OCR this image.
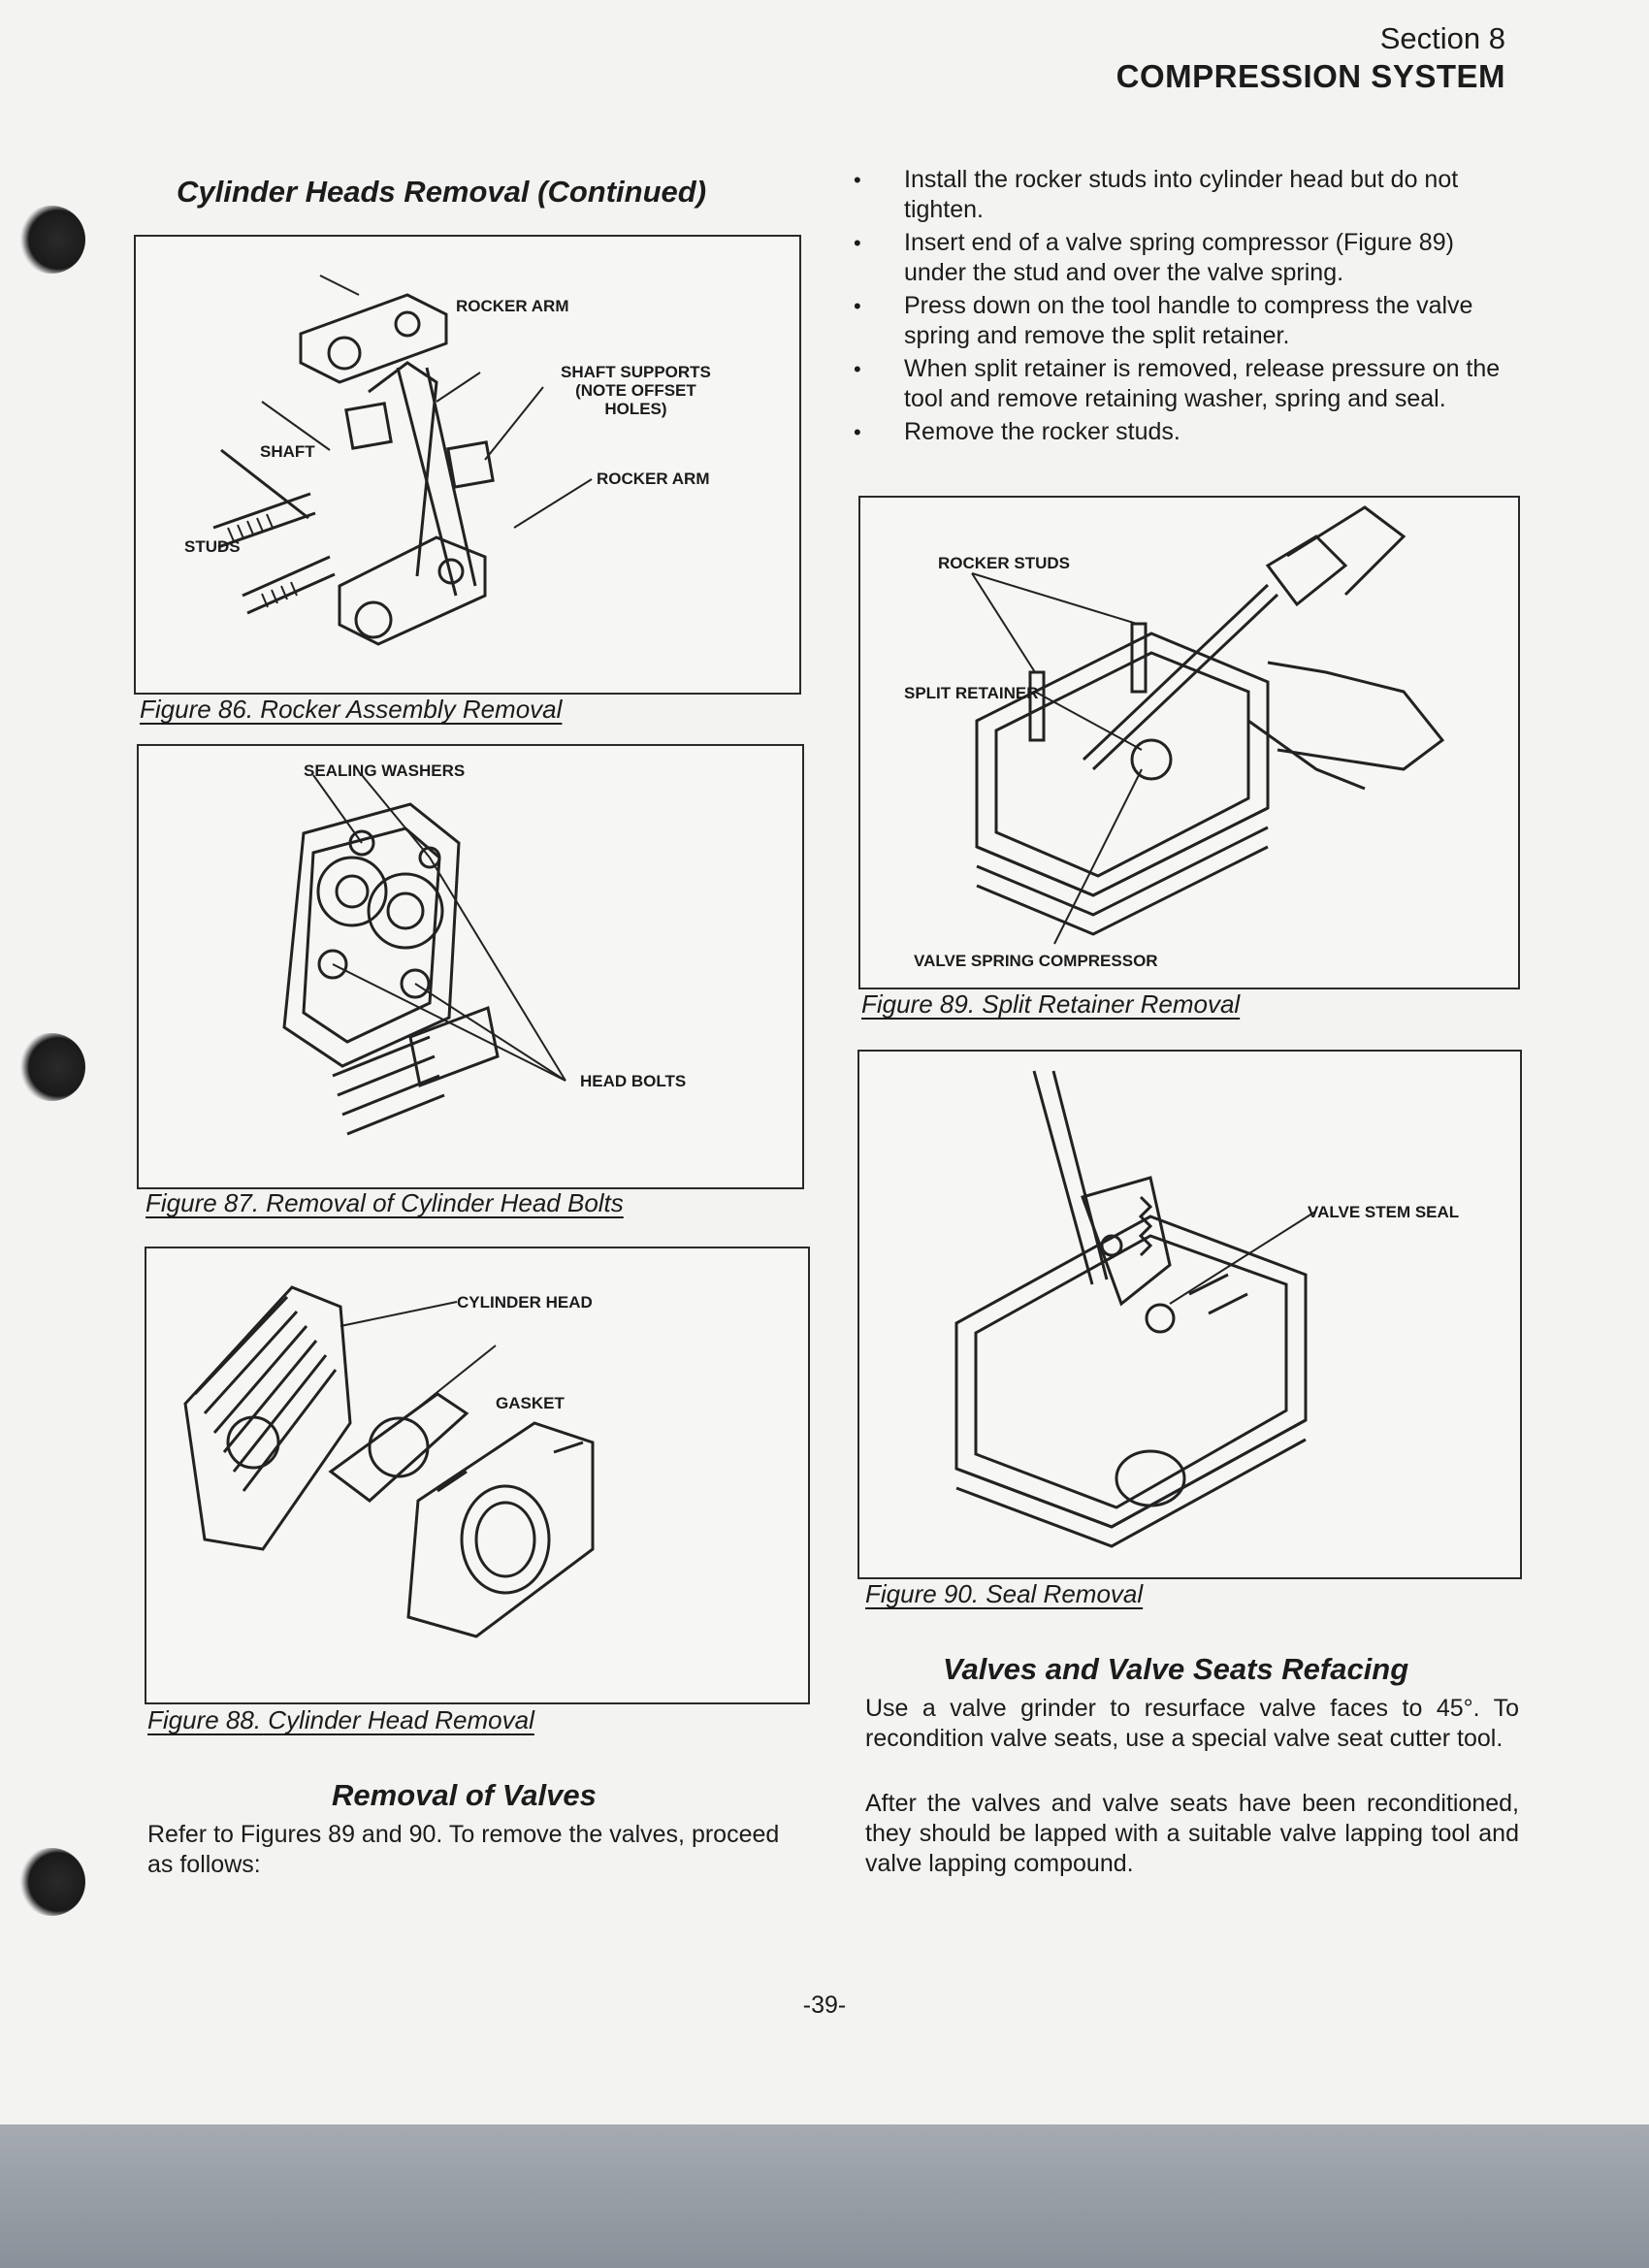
Section 8

COMPRESSION SYSTEM

Cylinder Heads Removal (Continued)

ROCKER ARM
SHAFT SUPPORTS
(NOTE OFFSET
HOLES)
SHAFT
ROCKER ARM
STUDS

Figure 86. Rocker Assembly Removal

SEALING WASHERS
HEAD BOLTS

Figure 87. Removal of Cylinder Head Bolts

CYLINDER HEAD
GASKET

Figure 88. Cylinder Head Removal

Removal of Valves

Refer to Figures 89 and 90. To remove the valves, proceed as follows:

• Install the rocker studs into cylinder head but do not tighten.
• Insert end of a valve spring compressor (Figure 89) under the stud and over the valve spring.
• Press down on the tool handle to compress the valve spring and remove the split retainer.
• When split retainer is removed, release pressure on the tool and remove retaining washer, spring and seal.
• Remove the rocker studs.
ROCKER STUDS
SPLIT RETAINER
VALVE SPRING COMPRESSOR

Figure 89. Split Retainer Removal

VALVE STEM SEAL

Figure 90. Seal Removal

Valves and Valve Seats Refacing

Use a valve grinder to resurface valve faces to 45°. To recondition valve seats, use a special valve seat cutter tool.

After the valves and valve seats have been reconditioned, they should be lapped with a suitable valve lapping tool and valve lapping compound.

-39-
